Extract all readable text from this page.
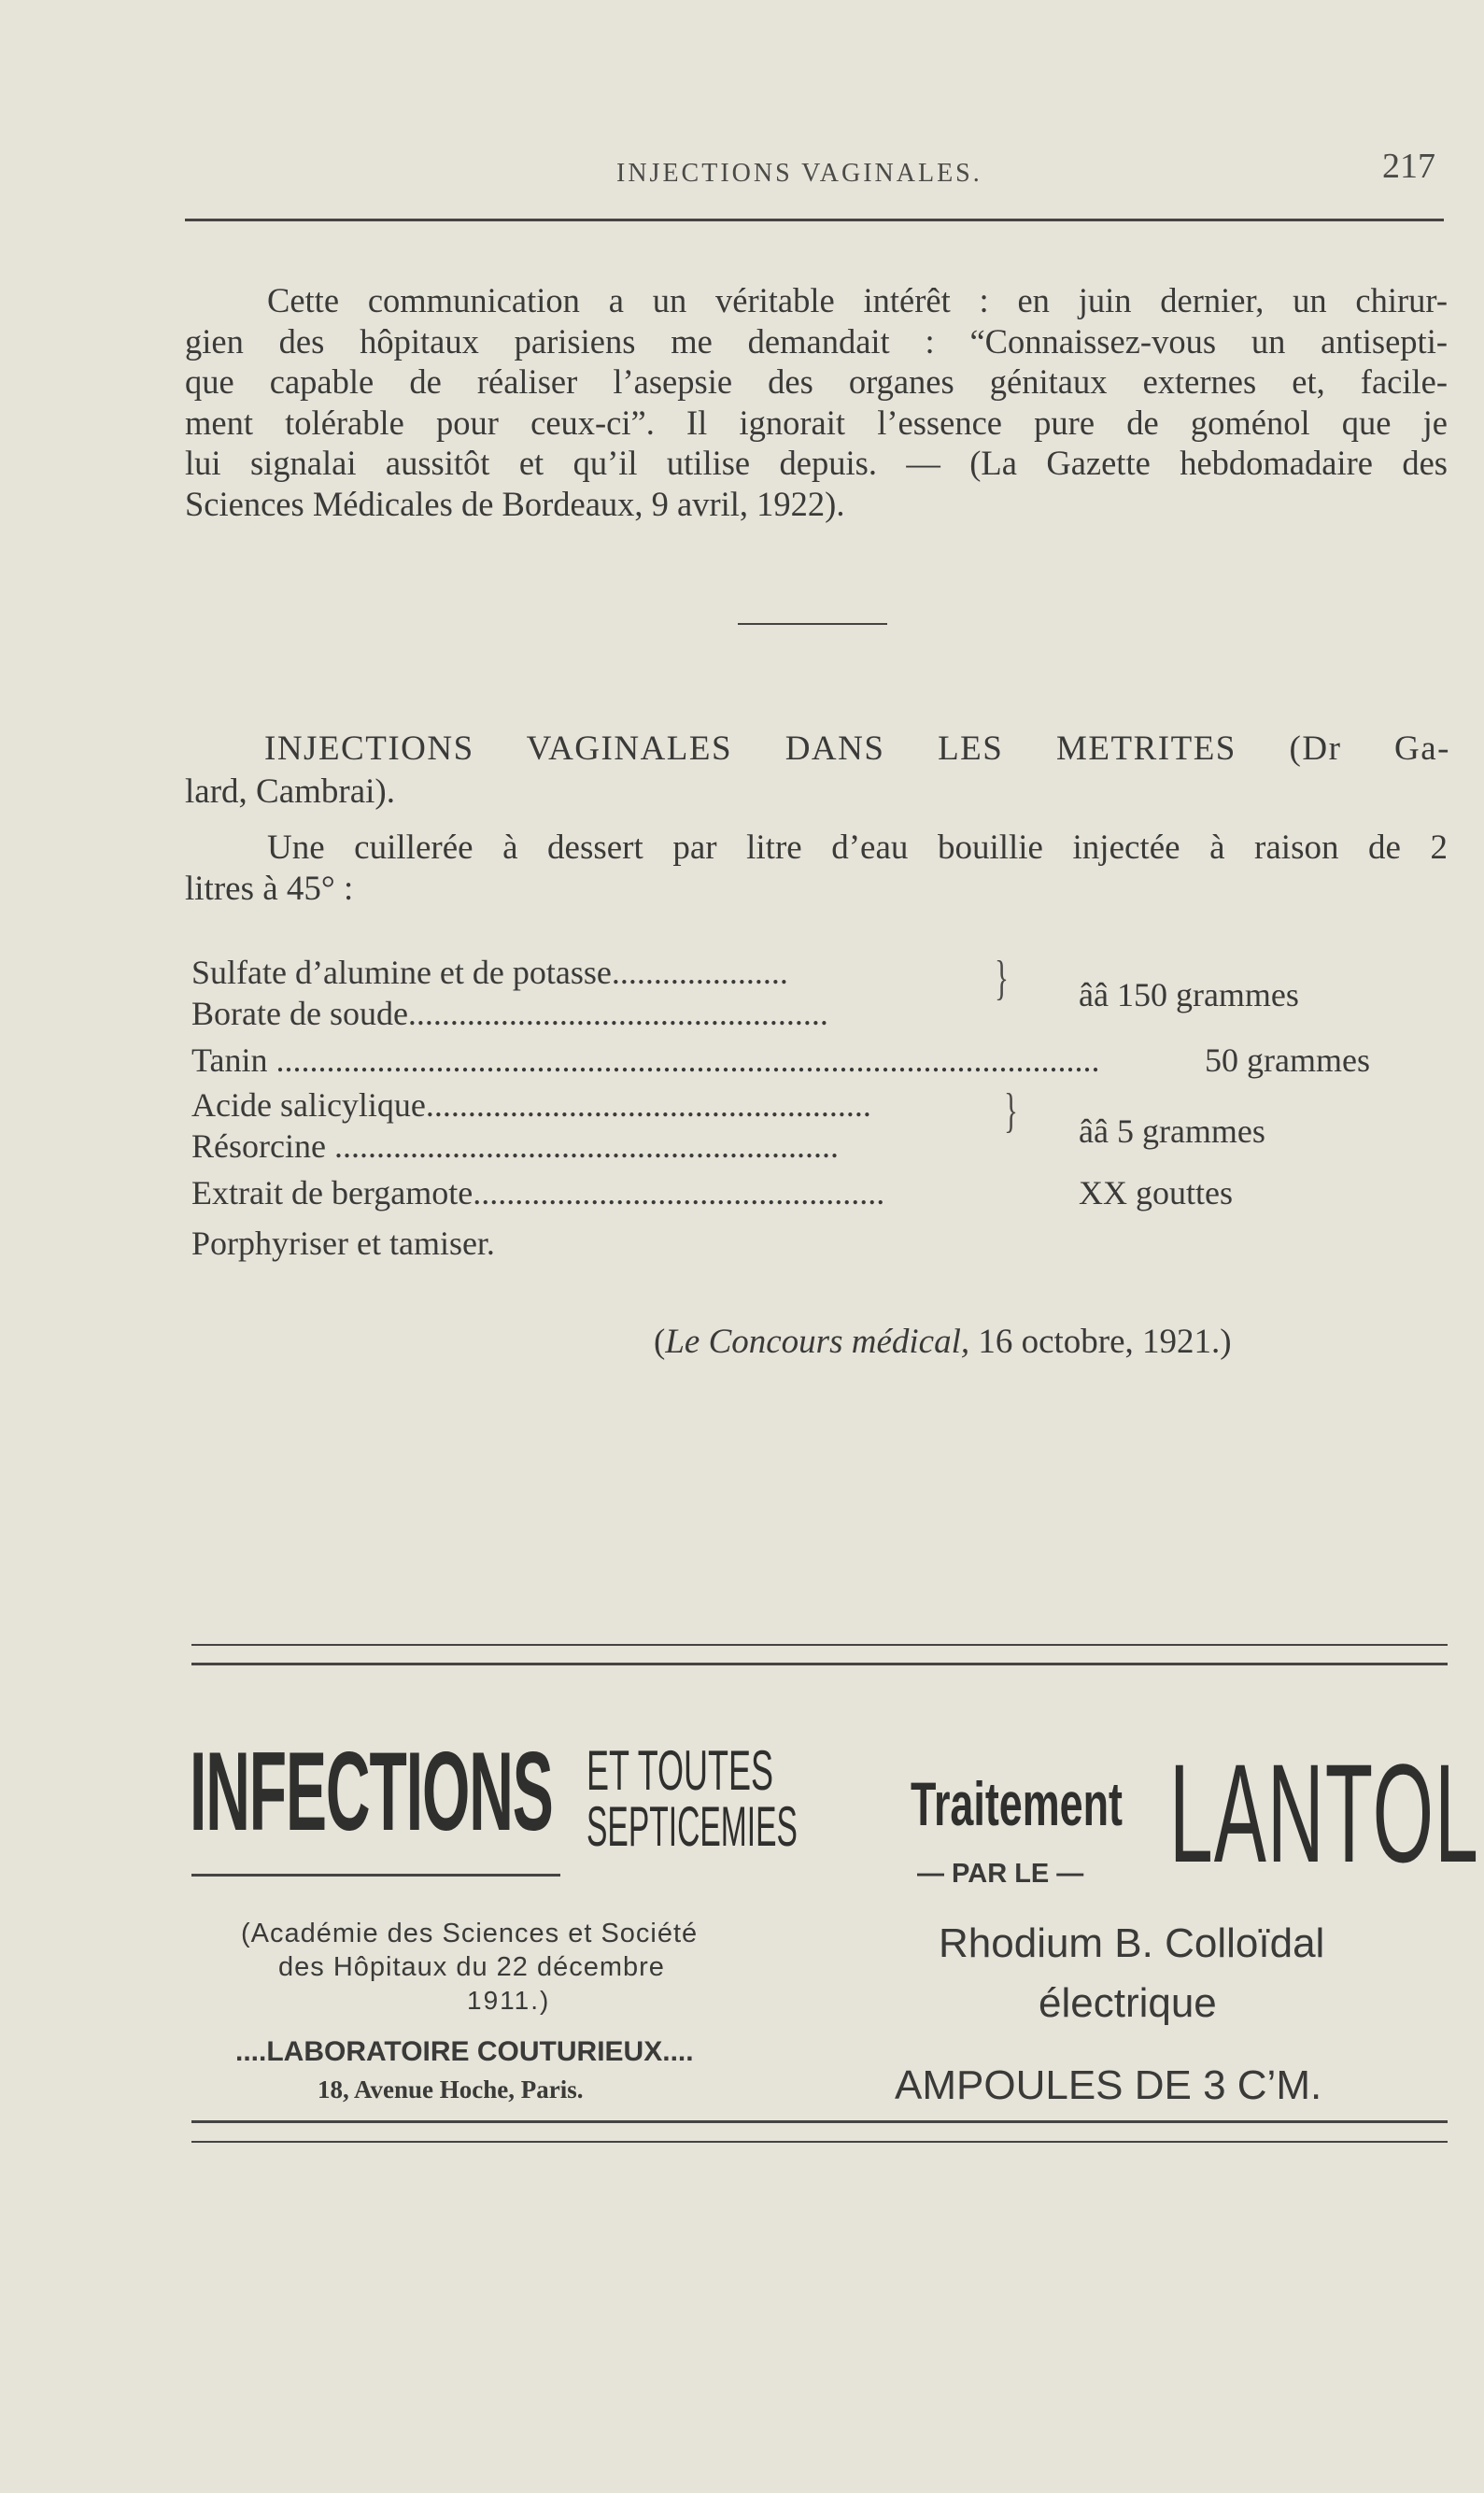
INJECTIONS VAGINALES.	217
Cette communication a un véritable intérêt : en juin dernier, un chirur-
gien des hôpitaux parisiens me demandait : “Connaissez-vous un antisepti-
que capable de réaliser l’asepsie des organes génitaux externes et, facile-
ment tolérable pour ceux-ci”. Il ignorait l’essence pure de goménol que je
lui signalai aussitôt et qu’il utilise depuis. — (La Gazette hebdomadaire des
Sciences Médicales de Bordeaux, 9 avril, 1922).
INJECTIONS VAGINALES DANS LES METRITES (Dr Ga-
lard, Cambrai).
Une cuillerée à dessert par litre d’eau bouillie injectée à raison de 2
litres à 45° :
Sulfate d’alumine et de potasse.....................
Borate de soude..................................................
} ââ 150 grammes
Tanin ..................................................................................................	50 grammes
Acide salicylique.....................................................
Résorcine ............................................................
} ââ 5 grammes
Extrait de bergamote.................................................	XX gouttes
Porphyriser et tamiser.
(Le Concours médical, 16 octobre, 1921.)
INFECTIONS ET TOUTES
SEPTICEMIES
(Académie des Sciences et Société
des Hôpitaux du 22 décembre
1911.)
....LABORATOIRE COUTURIEUX....
18, Avenue Hoche, Paris.
Traitement
— PAR LE — LANTOL
Rhodium B. Colloïdal
électrique
AMPOULES DE 3 C’M.
